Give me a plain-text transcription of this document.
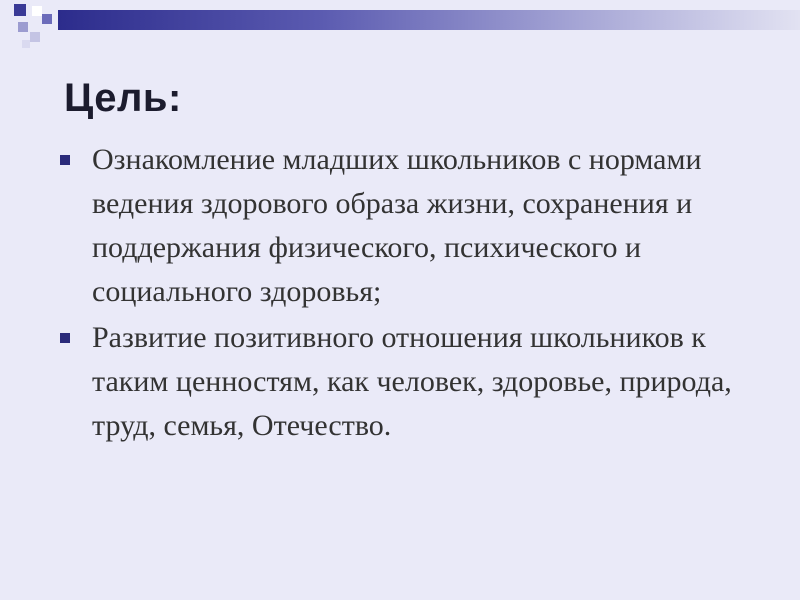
Цель:
Ознакомление младших школьников с нормами ведения здорового образа жизни, сохранения и поддержания физического, психического и социального здоровья;
Развитие позитивного отношения школьников к таким ценностям, как человек, здоровье, природа, труд, семья, Отечество.
